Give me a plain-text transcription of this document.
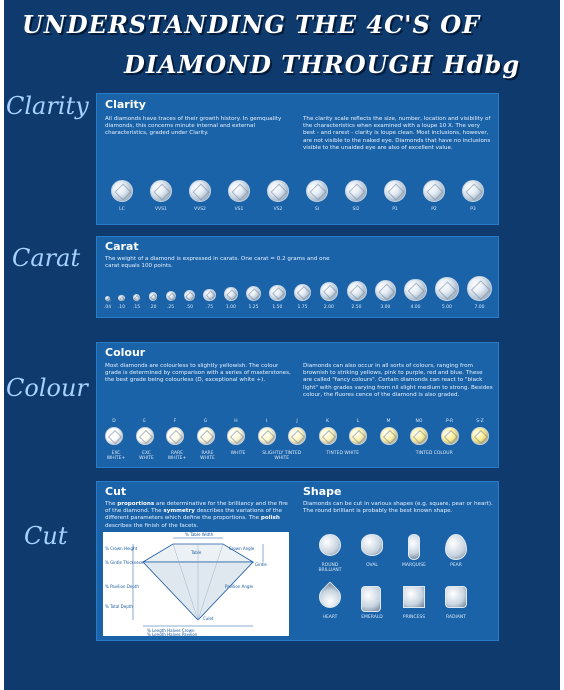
UNDERSTANDING THE 4C'S OF
DIAMOND THROUGH Hdbg
Clarity
Carat
Colour
Cut
Clarity
All diamonds have traces of their growth history. In gemquality diamonds, this concerns minute internal and external characteristics, graded under Clarity.
The clarity scale reflects the size, number, location and visibility of the characteristics when examined with a loupe 10 X. The very best - and rarest - clarity is loupe clean. Most inclusions, however, are not visible to the naked eye. Diamonds that have no inclusions visible to the unaided eye are also of excellent value.
LC	VVS1	VVS2	VS1	VS2	SI	SI2	P1	P2	P3
Carat
The weight of a diamond is expressed in carats. One carat = 0.2 grams and one carat equals 100 points.
.04	.10	.15	.20	.25	.50	.75	1.00	1.25	1.50	1.75	2.00	2.50	3.00	4.00	5.00	7.00
Colour
Most diamonds are colourless to slightly yellowish. The colour grade is determined by comparison with a series of masterstones, the best grade being colourless (D, exceptional white +).
Diamonds can also occur in all sorts of colours, ranging from brownish to striking yellows, pink to purple, red and blue. These are called "fancy colours". Certain diamonds can react to "black light" with grades varying from nil slight medium to strong. Besides colour, the fluores cence of the diamond is also graded.
D	E	F	G	H	I	J	K	L	M	NO	P-R	S-Z
EXC WHITE+
EXC WHITE
RARE WHITE+
RARE WHITE
WHITE	SLIGHTLY TINTED WHITE
TINTED WHITE	TINTED COLOUR
Cut
The proportions are determinative for the brilliancy and the fire of the diamond. The symmetry describes the variations of the different parameters which define the proportions. The polish describes the finish of the facets.
% Table Width
Table
Crown Angle
Girdle
Pavilion Angle
% Girdle Thickness
% Pavilion Depth
% Crown Height
% Total Depth
% Length Halves Crown
% Length Halves Pavilion
Culet
Shape
Diamonds can be cut in various shapes (e.g. square, pear or heart). The round brilliant is probably the best known shape.
ROUND BRILLIANT
OVAL	MARQUISE	PEAR
HEART	EMERALD	PRINCESS	RADIANT
